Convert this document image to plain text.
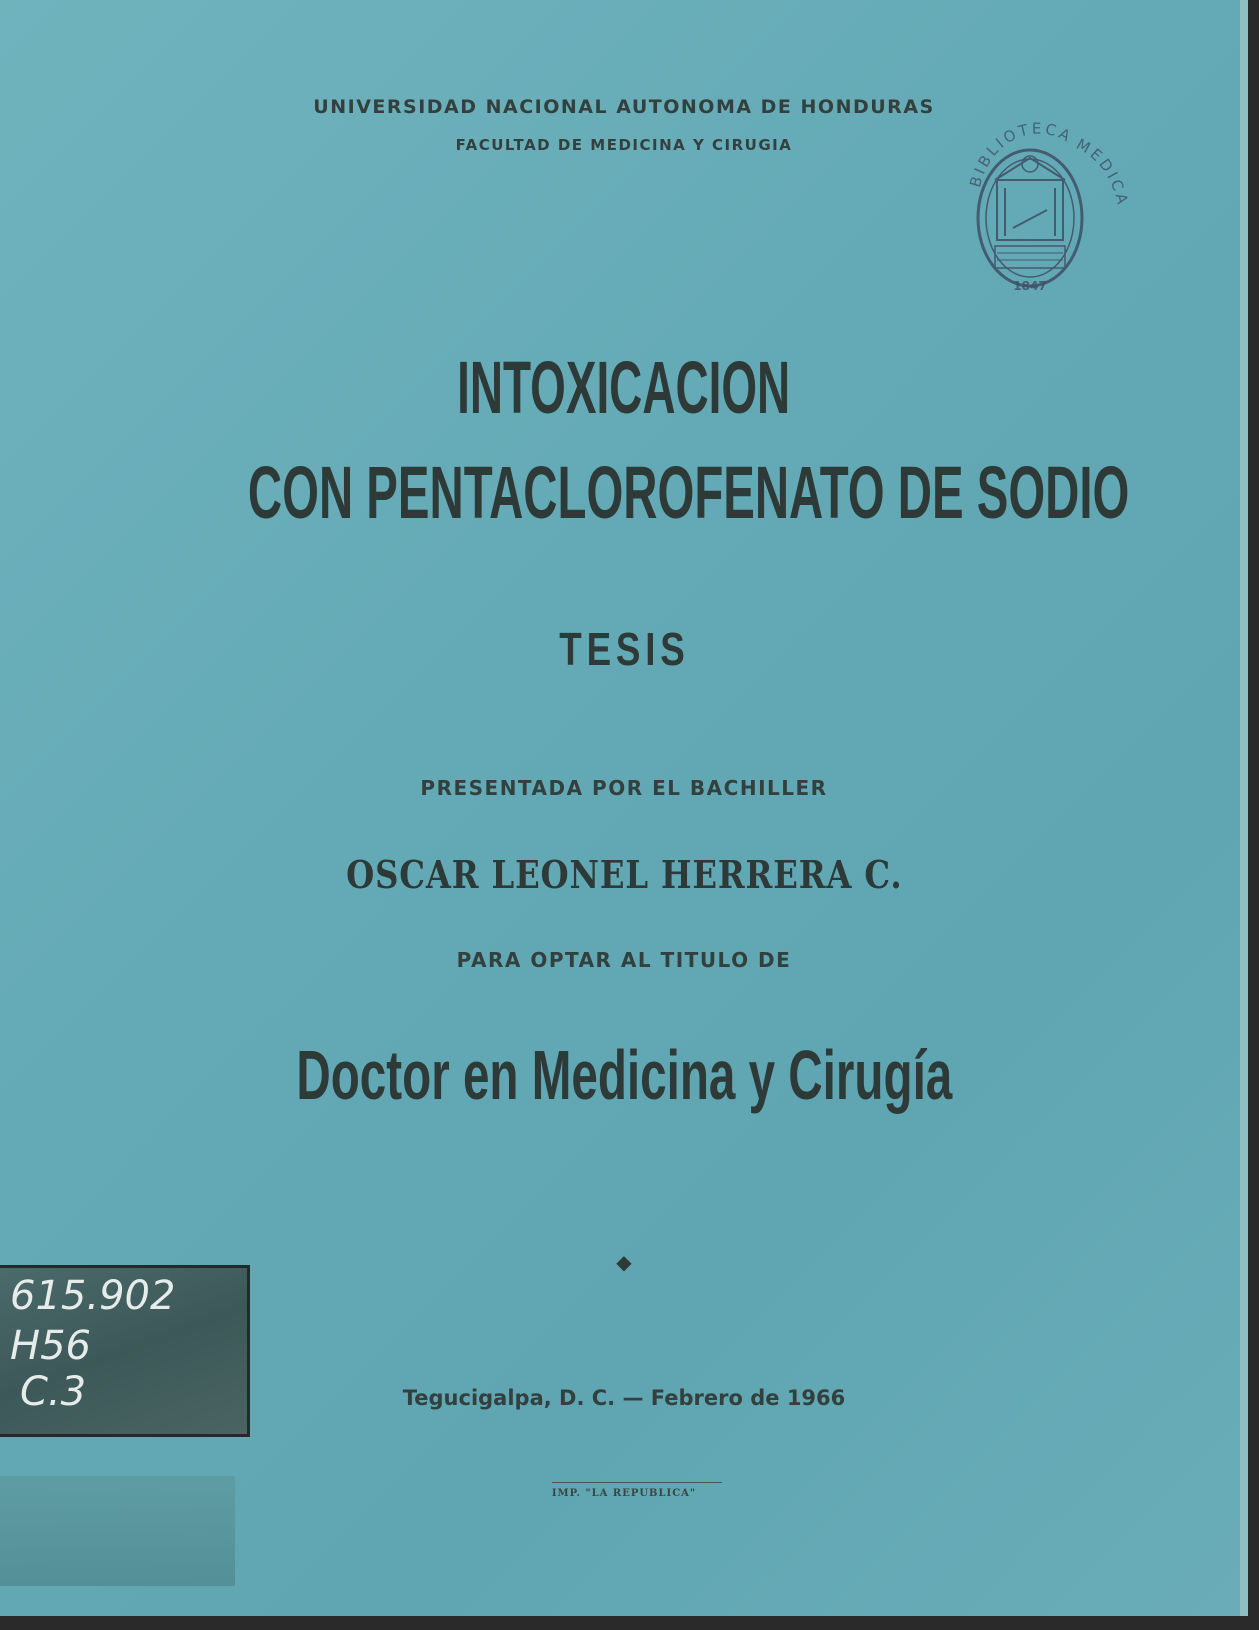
UNIVERSIDAD NACIONAL AUTONOMA DE HONDURAS
FACULTAD DE MEDICINA Y CIRUGIA
BIBLIOTECA
MEDICA
1847
INTOXICACION
CON PENTACLOROFENATO DE SODIO
TESIS
PRESENTADA POR EL BACHILLER
OSCAR LEONEL HERRERA C.
PARA OPTAR AL TITULO DE
Doctor en Medicina y Cirugía
◆
Tegucigalpa, D. C. — Febrero de 1966
IMP. "LA REPUBLICA"
615.902
H56
C.3
